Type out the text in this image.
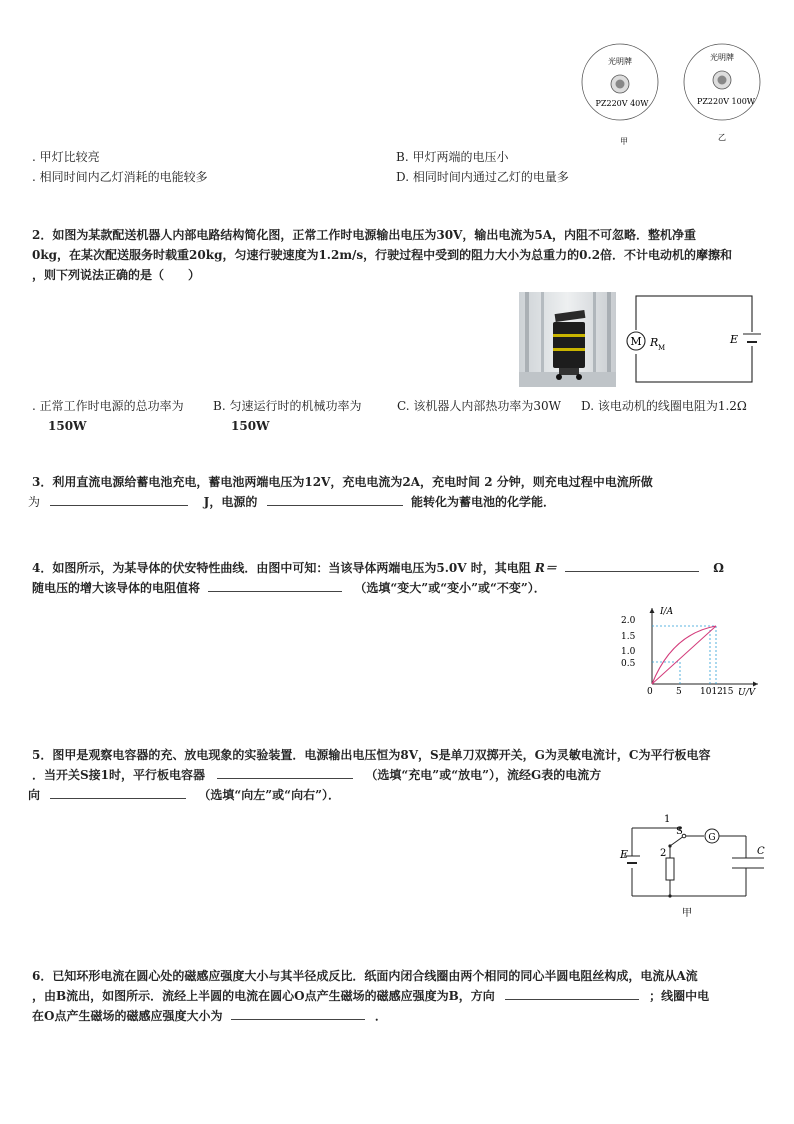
光明牌
PZ220V 40W
甲
光明牌
PZ220V 100W
乙
. 甲灯比较亮	B. 甲灯两端的电压小
. 相同时间内乙灯消耗的电能较多	D. 相同时间内通过乙灯的电量多
2．如图为某款配送机器人内部电路结构简化图，正常工作时电源输出电压为30V，输出电流为5A，内阻不可忽略．整机净重
0kg，在某次配送服务时载重20kg，匀速行驶速度为1.2m/s，行驶过程中受到的阻力大小为总重力的0.2倍．不计电动机的摩擦和
，则下列说法正确的是（　　）
M R M
E
. 正常工作时电源的总功率为
150W
B. 匀速运行时的机械功率为
150W
C. 该机器人内部热功率为30W D. 该电动机的线圈电阻为1.2Ω
3．利用直流电源给蓄电池充电，蓄电池两端电压为12V，充电电流为2A，充电时间 2 分钟，则充电过程中电流所做
为	J，电源的	能转化为蓄电池的化学能．
4．如图所示，为某导体的伏安特性曲线．由图中可知：当该导体两端电压为5.0V 时，其电阻 R＝	Ω
随电压的增大该导体的电阻值将	（选填“变大”或“变小”或“不变”）．
I/A
U/V
2.0
1.5
1.0
0.5
0	5 1012 15
5．图甲是观察电容器的充、放电现象的实验装置．电源输出电压恒为8V，S是单刀双掷开关，G为灵敏电流计，C为平行板电容
．当开关S接1时，平行板电容器	（选填“充电”或“放电”），流经G表的电流方
向	（选填“向左”或“向右”）．
E
1
S
G
C
2
甲
6．已知环形电流在圆心处的磁感应强度大小与其半径成反比．纸面内闭合线圈由两个相同的同心半圆电阻丝构成，电流从A流
，由B流出，如图所示．流经上半圆的电流在圆心O点产生磁场的磁感应强度为B，方向	；线圈中电
在O点产生磁场的磁感应强度大小为	．
